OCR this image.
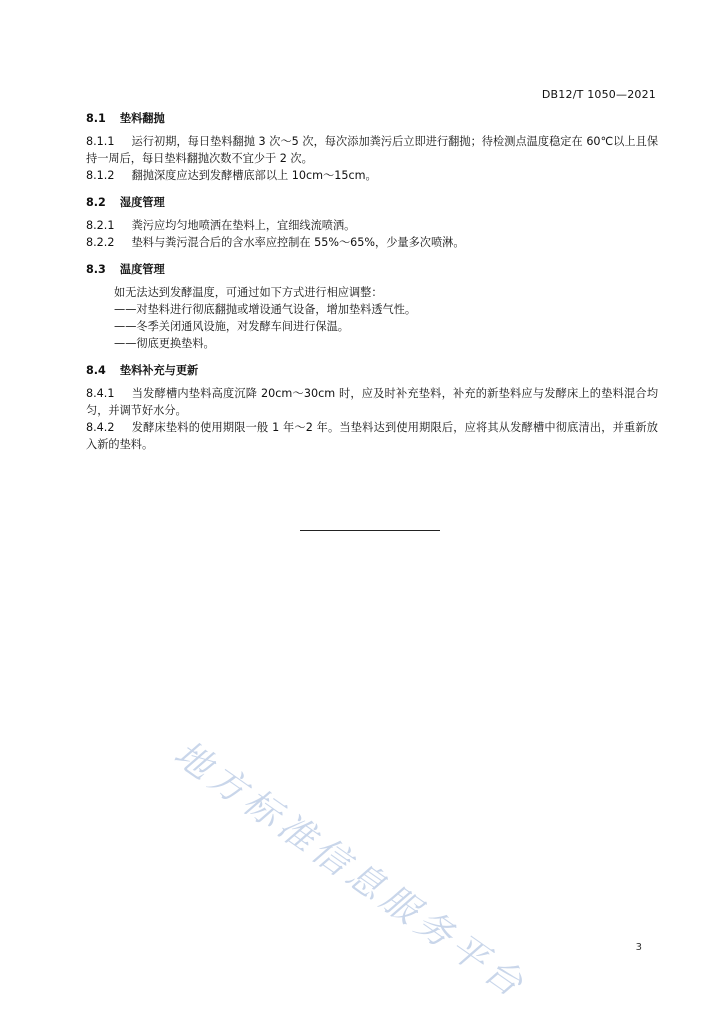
DB12/T 1050—2021
8.1 垫料翻抛

8.1.1 运行初期，每日垫料翻抛 3 次～5 次，每次添加粪污后立即进行翻抛；待检测点温度稳定在 60℃以上且保持一周后，每日垫料翻抛次数不宜少于 2 次。

8.1.2 翻抛深度应达到发酵槽底部以上 10cm～15cm。

8.2 湿度管理

8.2.1 粪污应均匀地喷洒在垫料上，宜细线流喷洒。

8.2.2 垫料与粪污混合后的含水率应控制在 55%～65%，少量多次喷淋。

8.3 温度管理

如无法达到发酵温度，可通过如下方式进行相应调整：

——对垫料进行彻底翻抛或增设通气设备，增加垫料透气性。

——冬季关闭通风设施，对发酵车间进行保温。

——彻底更换垫料。

8.4 垫料补充与更新

8.4.1 当发酵槽内垫料高度沉降 20cm～30cm 时，应及时补充垫料，补充的新垫料应与发酵床上的垫料混合均匀，并调节好水分。

8.4.2 发酵床垫料的使用期限一般 1 年～2 年。当垫料达到使用期限后，应将其从发酵槽中彻底清出，并重新放入新的垫料。

地方标准信息服务平台	3
